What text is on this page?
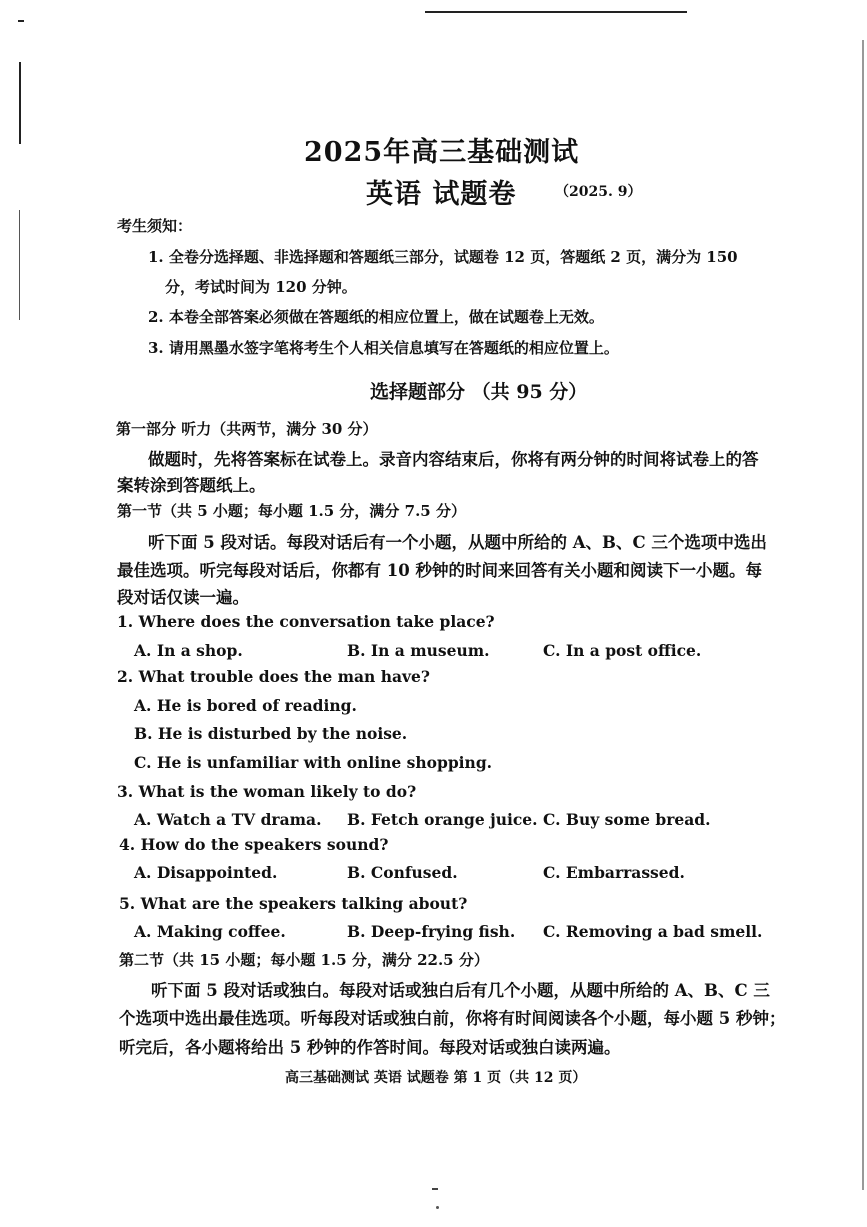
2025年高三基础测试
英语 试题卷	（2025. 9）
考生须知：
1. 全卷分选择题、非选择题和答题纸三部分，试题卷 12 页，答题纸 2 页，满分为 150
分，考试时间为 120 分钟。
2. 本卷全部答案必须做在答题纸的相应位置上，做在试题卷上无效。
3. 请用黑墨水签字笔将考生个人相关信息填写在答题纸的相应位置上。
选择题部分 （共 95 分）
第一部分 听力（共两节，满分 30 分）
做题时，先将答案标在试卷上。录音内容结束后，你将有两分钟的时间将试卷上的答
案转涂到答题纸上。
第一节（共 5 小题；每小题 1.5 分，满分 7.5 分）
听下面 5 段对话。每段对话后有一个小题，从题中所给的 A、B、C 三个选项中选出
最佳选项。听完每段对话后，你都有 10 秒钟的时间来回答有关小题和阅读下一小题。每
段对话仅读一遍。
1. Where does the conversation take place?
A. In a shop.	B. In a museum.	C. In a post office.
2. What trouble does the man have?
A. He is bored of reading.
B. He is disturbed by the noise.
C. He is unfamiliar with online shopping.
3. What is the woman likely to do?
A. Watch a TV drama. B. Fetch orange juice. C. Buy some bread.
4. How do the speakers sound?
A. Disappointed.	B. Confused.	C. Embarrassed.
5. What are the speakers talking about?
A. Making coffee.	B. Deep-frying fish. C. Removing a bad smell.
第二节（共 15 小题；每小题 1.5 分，满分 22.5 分）
听下面 5 段对话或独白。每段对话或独白后有几个小题，从题中所给的 A、B、C 三
个选项中选出最佳选项。听每段对话或独白前，你将有时间阅读各个小题，每小题 5 秒钟；
听完后，各小题将给出 5 秒钟的作答时间。每段对话或独白读两遍。
高三基础测试 英语 试题卷 第 1 页（共 12 页）
